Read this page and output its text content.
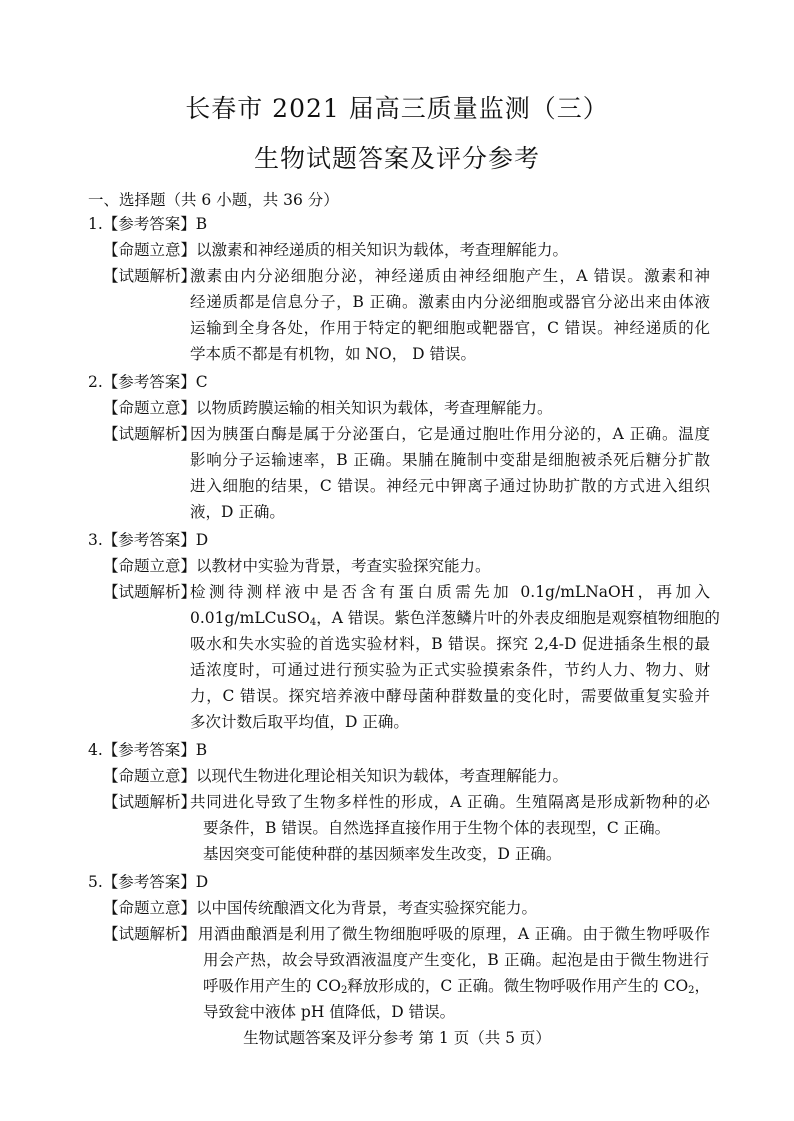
长春市 2021 届高三质量监测（三）
生物试题答案及评分参考
一、选择题（共 6 小题，共 36 分）
1.【参考答案】B
【命题立意】以激素和神经递质的相关知识为载体，考查理解能力。
【试题解析】
激素由内分泌细胞分泌，神经递质由神经细胞产生，A 错误。激素和神
经递质都是信息分子，B 正确。激素由内分泌细胞或器官分泌出来由体液
运输到全身各处，作用于特定的靶细胞或靶器官，C 错误。神经递质的化
学本质不都是有机物，如 NO， D 错误。
2.【参考答案】C
【命题立意】以物质跨膜运输的相关知识为载体，考查理解能力。
【试题解析】
因为胰蛋白酶是属于分泌蛋白，它是通过胞吐作用分泌的，A 正确。温度
影响分子运输速率，B 正确。果脯在腌制中变甜是细胞被杀死后糖分扩散
进入细胞的结果，C 错误。神经元中钾离子通过协助扩散的方式进入组织
液，D 正确。
3.【参考答案】D
【命题立意】以教材中实验为背景，考查实验探究能力。
【试题解析】
检测待测样液中是否含有蛋白质需先加 0.1g/mLNaOH，再加入
0.01g/mLCuSO$_4$，A 错误。紫色洋葱鳞片叶的外表皮细胞是观察植物细胞的
吸水和失水实验的首选实验材料，B 错误。探究 2,4-D 促进插条生根的最
适浓度时，可通过进行预实验为正式实验摸索条件，节约人力、物力、财
力，C 错误。探究培养液中酵母菌种群数量的变化时，需要做重复实验并
多次计数后取平均值，D 正确。
4.【参考答案】B
【命题立意】以现代生物进化理论相关知识为载体，考查理解能力。
【试题解析】
共同进化导致了生物多样性的形成，A 正确。生殖隔离是形成新物种的必
要条件，B 错误。自然选择直接作用于生物个体的表现型，C 正确。
基因突变可能使种群的基因频率发生改变，D 正确。
5.【参考答案】D
【命题立意】以中国传统酿酒文化为背景，考查实验探究能力。
【试题解析】 用酒曲酿酒是利用了微生物细胞呼吸的原理，A 正确。由于微生物呼吸作
用会产热，故会导致酒液温度产生变化，B 正确。起泡是由于微生物进行
呼吸作用产生的 $CO_2$释放形成的，C 正确。微生物呼吸作用产生的 $CO_2$，
导致瓮中液体 pH 值降低，D 错误。
生物试题答案及评分参考 第 1 页（共 5 页）
